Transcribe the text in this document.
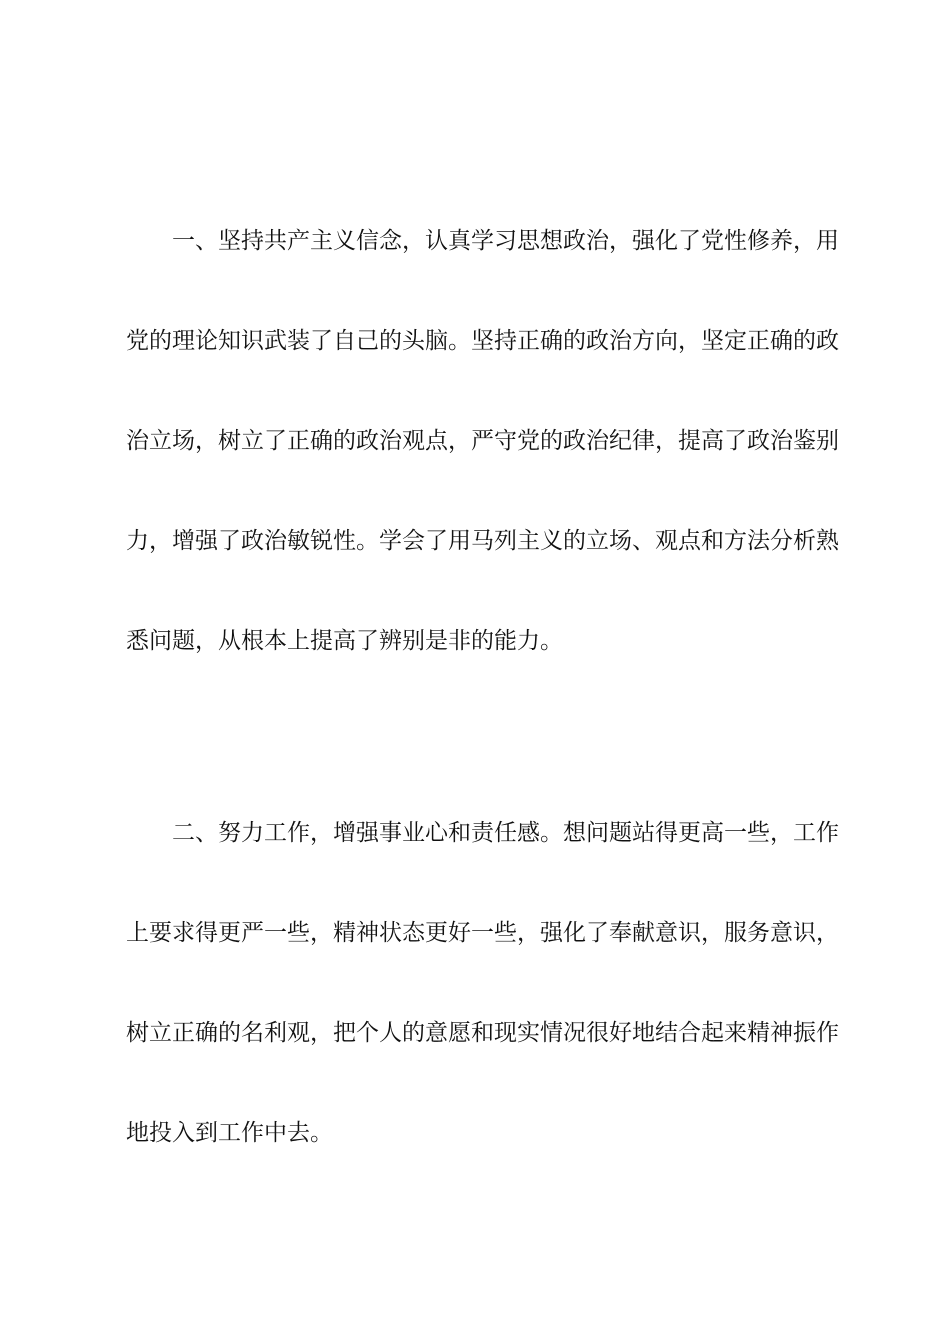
一、坚持共产主义信念，认真学习思想政治，强化了党性修养，用
党的理论知识武装了自己的头脑。坚持正确的政治方向，坚定正确的政
治立场，树立了正确的政治观点，严守党的政治纪律，提高了政治鉴别
力，增强了政治敏锐性。学会了用马列主义的立场、观点和方法分析熟
悉问题，从根本上提高了辨别是非的能力。
二、努力工作，增强事业心和责任感。想问题站得更高一些，工作
上要求得更严一些，精神状态更好一些，强化了奉献意识，服务意识，
树立正确的名利观，把个人的意愿和现实情况很好地结合起来精神振作
地投入到工作中去。
